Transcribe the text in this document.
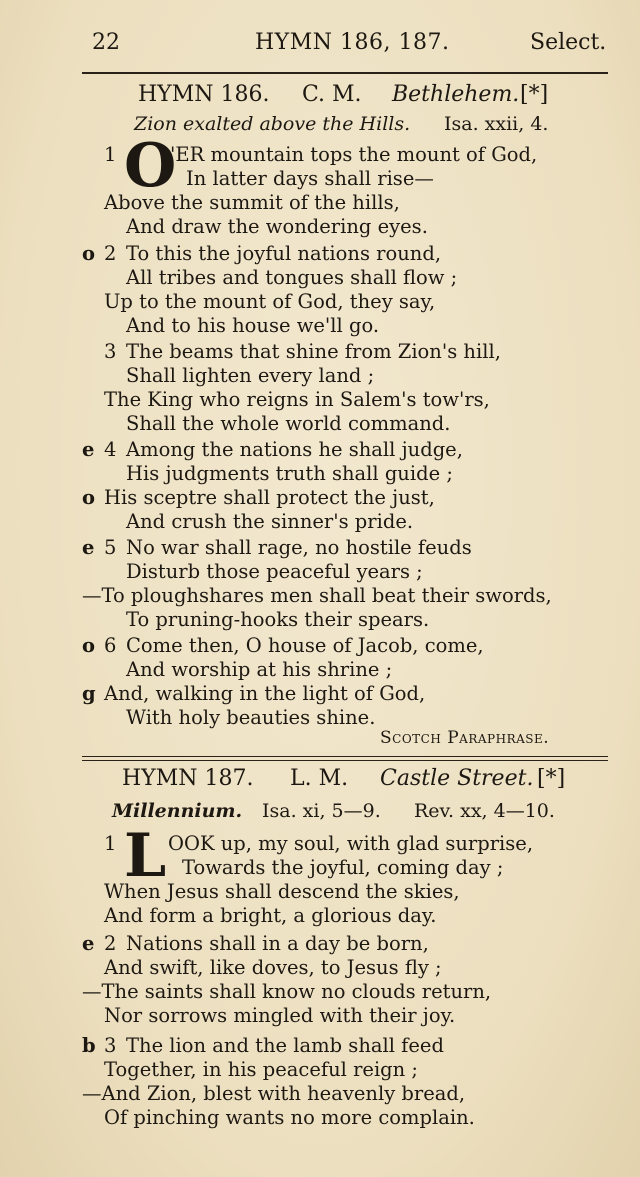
22	HYMN 186, 187.	Select.
HYMN 186. C. M. Bethlehem. [*]
Zion exalted above the Hills. Isa. xxii, 4.
1 O
'ER mountain tops the mount of God,
In latter days shall rise—
Above the summit of the hills,
And draw the wondering eyes.
o 2 To this the joyful nations round,
All tribes and tongues shall flow ;
Up to the mount of God, they say,
And to his house we'll go.
3 The beams that shine from Zion's hill,
Shall lighten every land ;
The King who reigns in Salem's tow'rs,
Shall the whole world command.
e 4 Among the nations he shall judge,
His judgments truth shall guide ;
o His sceptre shall protect the just,
And crush the sinner's pride.
e 5 No war shall rage, no hostile feuds
Disturb those peaceful years ;
—To ploughshares men shall beat their swords,
To pruning-hooks their spears.
o 6 Come then, O house of Jacob, come,
And worship at his shrine ;
g And, walking in the light of God,
With holy beauties shine.
Scotch Paraphrase.
HYMN 187. L. M. Castle Street. [*]
Millennium. Isa. xi, 5—9. Rev. xx, 4—10.
1 L OOK up, my soul, with glad surprise,
Towards the joyful, coming day ;
When Jesus shall descend the skies,
And form a bright, a glorious day.
e 2 Nations shall in a day be born,
And swift, like doves, to Jesus fly ;
—The saints shall know no clouds return,
Nor sorrows mingled with their joy.
b 3 The lion and the lamb shall feed
Together, in his peaceful reign ;
—And Zion, blest with heavenly bread,
Of pinching wants no more complain.
